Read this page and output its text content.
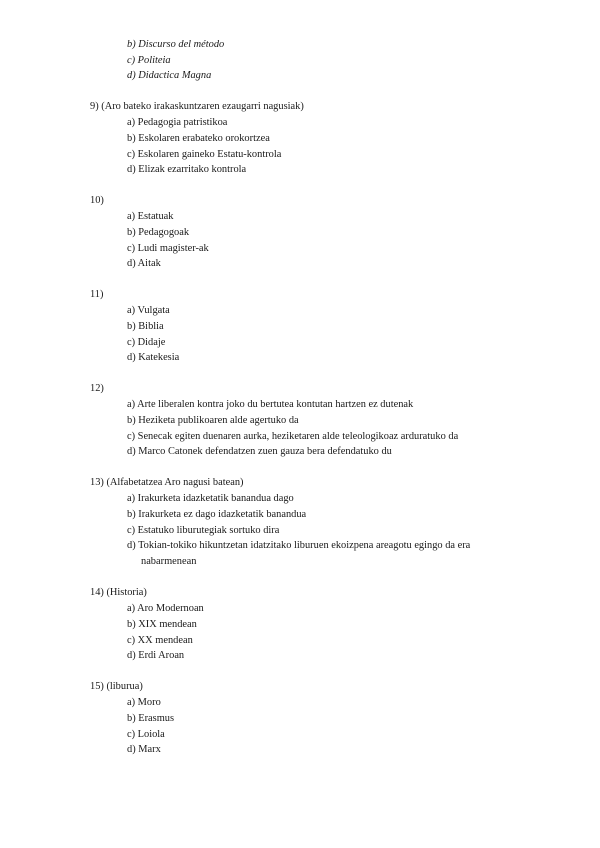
b) Discurso del método
c) Politeia
d) Didactica Magna
9) (Aro bateko irakaskuntzaren ezaugarri nagusiak)
a) Pedagogia patristikoa
b) Eskolaren erabateko orokortzea
c) Eskolaren gaineko Estatu-kontrola
d) Elizak ezarritako kontrola
10)
a) Estatuak
b) Pedagogoak
c) Ludi magister-ak
d) Aitak
11)
a) Vulgata
b) Biblia
c) Didaje
d) Katekesia
12)
a) Arte liberalen kontra joko du bertutea kontutan hartzen ez dutenak
b) Heziketa publikoaren alde agertuko da
c) Senecak egiten duenaren aurka, heziketaren alde teleologikoaz arduratuko da
d) Marco Catonek defendatzen zuen gauza bera defendatuko du
13) (Alfabetatzea Aro nagusi batean)
a) Irakurketa idazketatik banandua dago
b) Irakurketa ez dago idazketatik banandua
c) Estatuko liburutegiak sortuko dira
d) Tokian-tokiko hikuntzetan idatzitako liburuen ekoizpena areagotu egingo da era
nabarmenean
14) (Historia)
a) Aro Modernoan
b) XIX mendean
c) XX mendean
d) Erdi Aroan
15) (liburua)
a) Moro
b) Erasmus
c) Loiola
d) Marx
